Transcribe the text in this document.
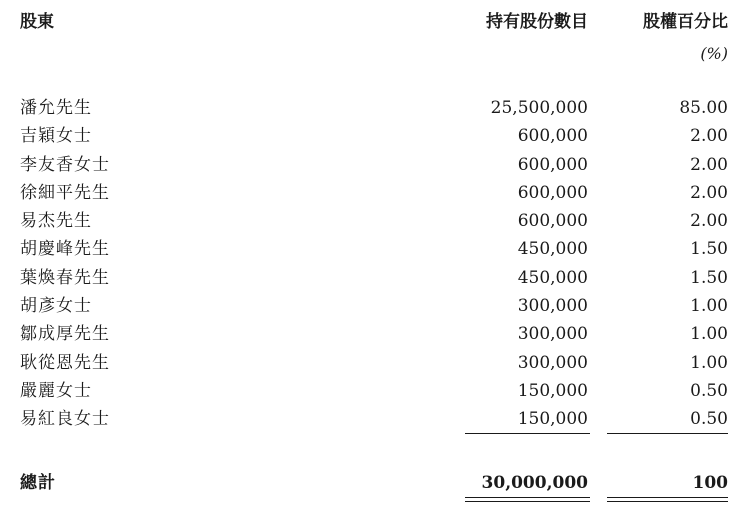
股東	持有股份數目	股權百分比
(%)
潘允先生	25,500,000	85.00
吉穎女士	600,000	2.00
李友香女士	600,000	2.00
徐細平先生	600,000	2.00
易杰先生	600,000	2.00
胡慶峰先生	450,000	1.50
葉煥春先生	450,000	1.50
胡彥女士	300,000	1.00
鄒成厚先生	300,000	1.00
耿從恩先生	300,000	1.00
嚴麗女士	150,000	0.50
易紅良女士	150,000	0.50
總計	30,000,000	100
